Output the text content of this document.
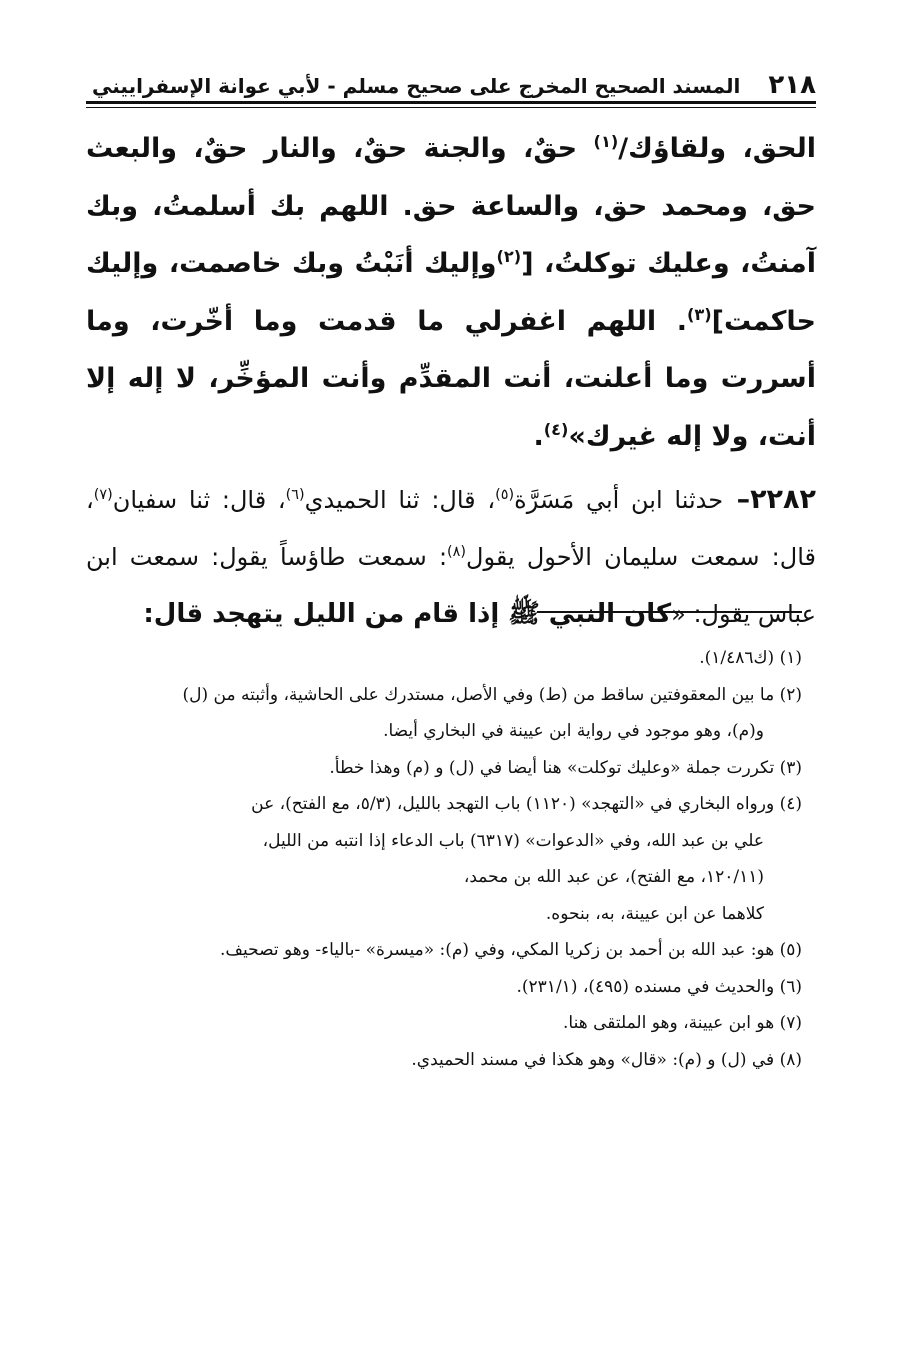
٢١٨
المسند الصحيح المخرج على صحيح مسلم - لأبي عوانة الإسفراييني

الحق، ولقاؤك/$^{(١)}$ حقٌ، والجنة حقٌ، والنار حقٌ، والبعث حق، ومحمد حق، والساعة حق. اللهم بك أسلمتُ، وبك آمنتُ، وعليك توكلتُ، [$^{(٢)}$وإليك أنَبْتُ وبك خاصمت، وإليك حاكمت]$^{(٣)}$. اللهم اغفرلي ما قدمت وما أخّرت، وما أسررت وما أعلنت، أنت المقدِّم وأنت المؤخِّر، لا إله إلا أنت، ولا إله غيرك»$^{(٤)}$.

٢٢٨٢– حدثنا ابن أبي مَسَرَّة$^{(٥)}$، قال: ثنا الحميدي$^{(٦)}$، قال: ثنا سفيان$^{(٧)}$، قال: سمعت سليمان الأحول يقول$^{(٨)}$: سمعت طاؤساً يقول: سمعت ابن عباس يقول: «كان النبي ﷺ إذا قام من الليل يتهجد قال:

(١) (ك١/٤٨٦).
(٢) ما بين المعقوفتين ساقط من (ط) وفي الأصل، مستدرك على الحاشية، وأثبته من (ل)
و(م)، وهو موجود في رواية ابن عيينة في البخاري أيضا.
(٣) تكررت جملة «وعليك توكلت» هنا أيضا في (ل) و (م) وهذا خطأ.
(٤) ورواه البخاري في «التهجد» (١١٢٠) باب التهجد بالليل، (٥/٣، مع الفتح)، عن
علي بن عبد الله، وفي «الدعوات» (٦٣١٧) باب الدعاء إذا انتبه من الليل،
(١٢٠/١١، مع الفتح)، عن عبد الله بن محمد،
كلاهما عن ابن عيينة، به، بنحوه.
(٥) هو: عبد الله بن أحمد بن زكريا المكي، وفي (م): «ميسرة» -بالياء- وهو تصحيف.
(٦) والحديث في مسنده (٤٩٥)، (٢٣١/١).
(٧) هو ابن عيينة، وهو الملتقى هنا.
(٨) في (ل) و (م): «قال» وهو هكذا في مسند الحميدي.
